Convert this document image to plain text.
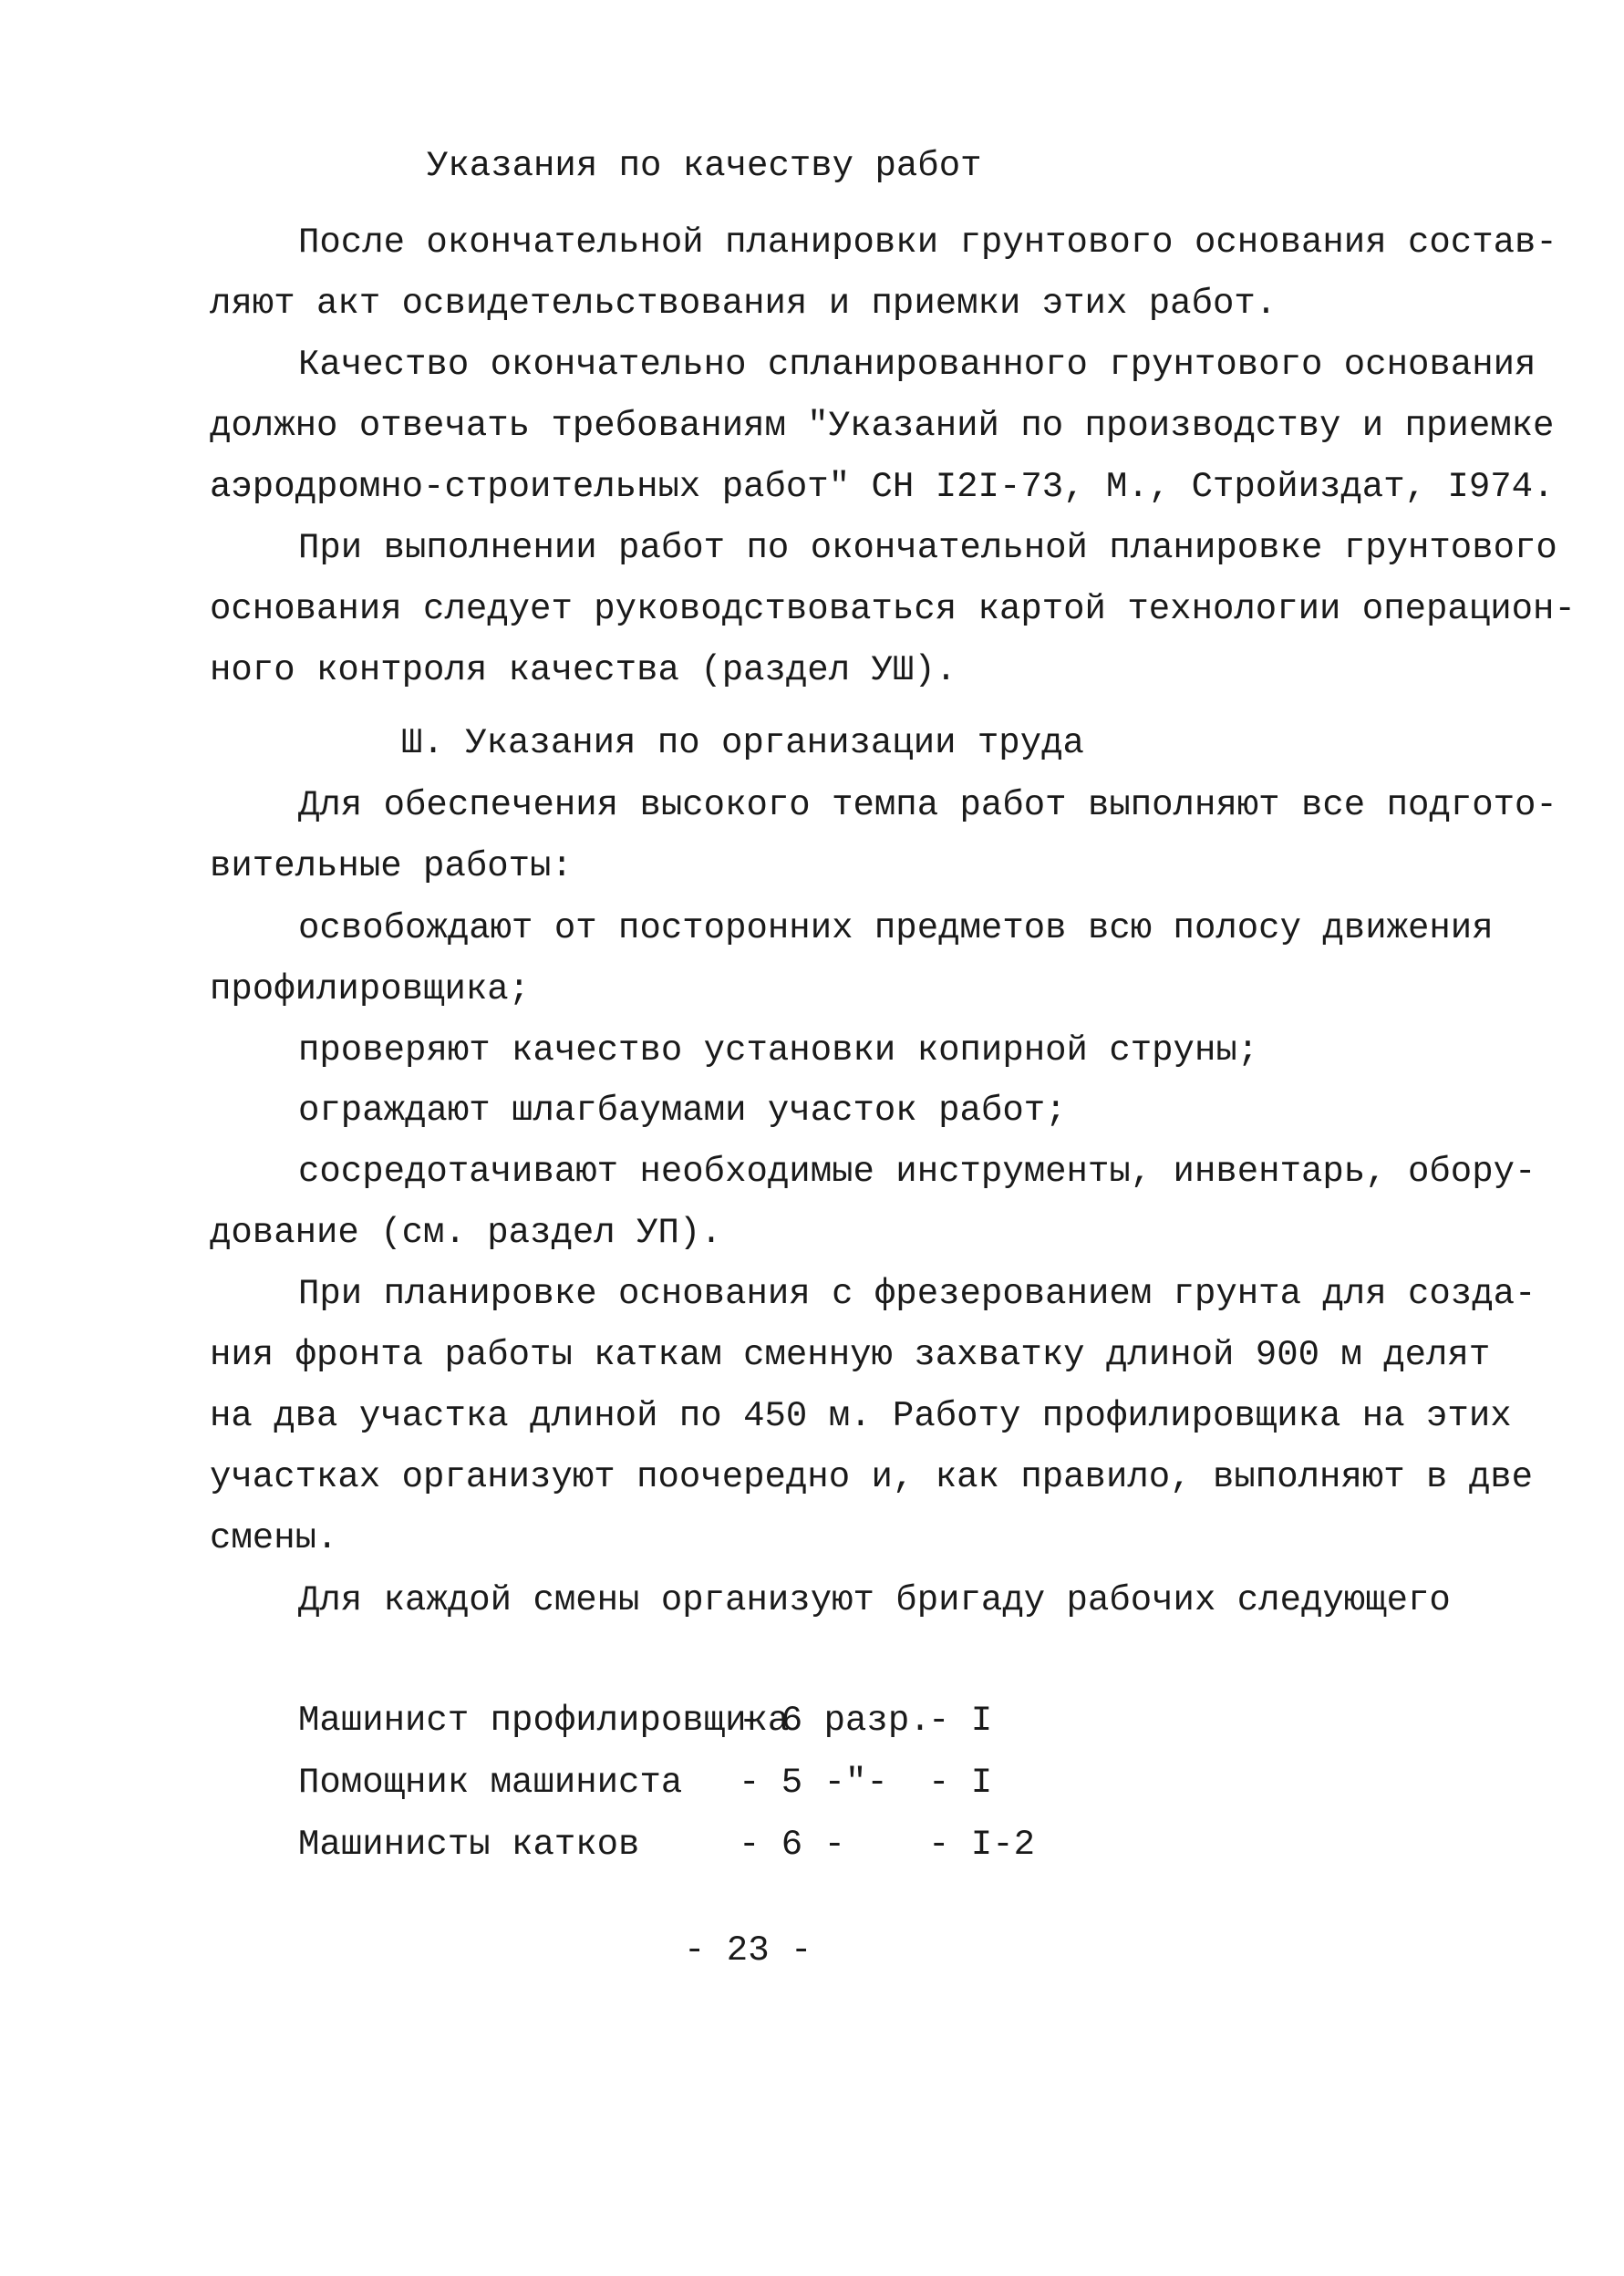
Указания по качеству работ
После окончательной планировки грунтового основания состав-
ляют акт освидетельствования и приемки этих работ.
Качество окончательно спланированного грунтового основания
должно отвечать требованиям "Указаний по производству и приемке
аэродромно-строительных работ" СН I2I-73, М., Стройиздат, I974.
При выполнении работ по окончательной планировке грунтового
основания следует руководствоваться картой технологии операцион-
ного контроля качества (раздел УШ).
Ш. Указания по организации труда
Для обеспечения высокого темпа работ выполняют все подгото-
вительные работы:
освобождают от посторонних предметов всю полосу движения
профилировщика;
проверяют качество установки копирной струны;
ограждают шлагбаумами участок работ;
сосредотачивают необходимые инструменты, инвентарь, обору-
дование (см. раздел УП).
При планировке основания с фрезерованием грунта для созда-
ния фронта работы каткам сменную захватку длиной 900 м делят
на два участка длиной по 450 м. Работу профилировщика на этих
участках организуют поочередно и, как правило, выполняют в две
смены.
Для каждой смены организуют бригаду рабочих следующего
Машинист профилировщика
- 6 разр.
- I
Помощник машиниста - 5 -"- - I
Машинисты катков	- 6 - - I-2
- 23 -
